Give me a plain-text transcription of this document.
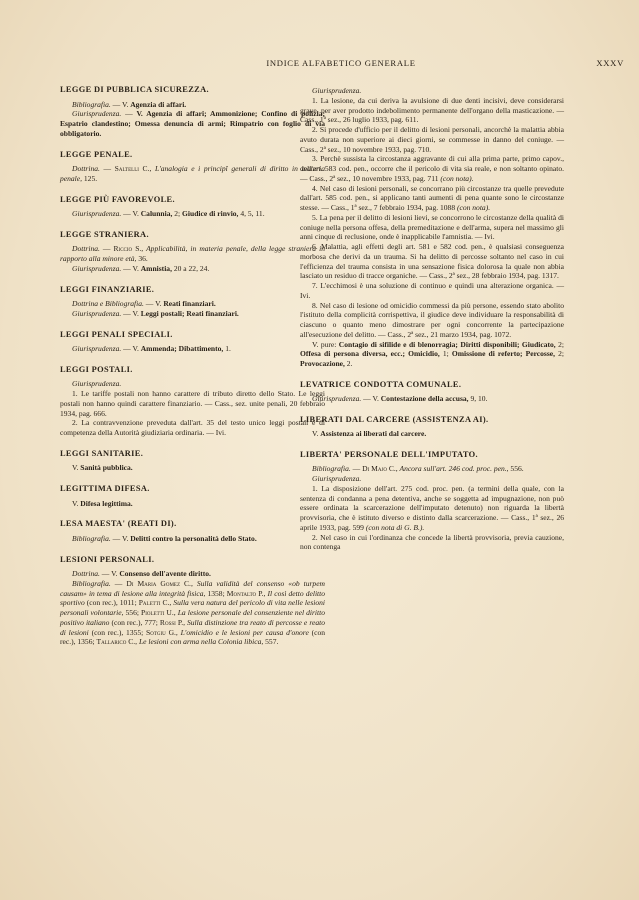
INDICE ALFABETICO GENERALE	XXXV
LEGGE DI PUBBLICA SICUREZZA.

Bibliografia. — V. Agenzia di affari.

Giurisprudenza. — V. Agenzia di affari; Ammonizione; Confino di polizia; Espatrio clandestino; Omessa denuncia di armi; Rimpatrio con foglio di via obbligatorio.

LEGGE PENALE.

Dottrina. — Saltelli C., L'analogia e i principî generali di diritto in materia penale, 125.

LEGGE PIÙ FAVOREVOLE.

Giurisprudenza. — V. Calunnia, 2; Giudice di rinvio, 4, 5, 11.

LEGGE STRANIERA.

Dottrina. — Riccio S., Applicabilità, in materia penale, della legge straniera in rapporto alla minore età, 36.

Giurisprudenza. — V. Amnistia, 20 a 22, 24.

LEGGI FINANZIARIE.

Dottrina e Bibliografia. — V. Reati finanziari.

Giurisprudenza. — V. Leggi postali; Reati finanziari.

LEGGI PENALI SPECIALI.

Giurisprudenza. — V. Ammenda; Dibattimento, 1.

LEGGI POSTALI.

Giurisprudenza.

1. Le tariffe postali non hanno carattere di tributo diretto dello Stato. Le leggi postali non hanno quindi carattere finanziario. — Cass., sez. unite penali, 20 febbraio 1934, pag. 666.

2. La contravvenzione preveduta dall'art. 35 del testo unico leggi postali è di competenza della Autorità giudiziaria ordinaria. — Ivi.

LEGGI SANITARIE.

V. Sanità pubblica.

LEGITTIMA DIFESA.

V. Difesa legittima.

LESA MAESTA' (REATI DI).

Bibliografia. — V. Delitti contro la personalità dello Stato.

LESIONI PERSONALI.

Dottrina. — V. Consenso dell'avente diritto.

Bibliografia. — Di Maria Gomez C., Sulla validità del consenso «ob turpem causam» in tema di lesione alla integrità fisica, 1358; Montalto P., Il così detto delitto sportivo (con rec.), 1011; Paletti C., Sulla vera natura del pericolo di vita nelle lesioni personali volontarie, 556; Pioletti U., La lesione personale del consenziente nel diritto positivo italiano (con rec.), 777; Rossi P., Sulla distinzione tra reato di percosse e reato di lesioni (con rec.), 1355; Sotgiu G., L'omicidio e le lesioni per causa d'onore (con rec.), 1356; Tallarico C., Le lesioni con arma nella Colonia libica, 557.

Giurisprudenza.

1. La lesione, da cui deriva la avulsione di due denti incisivi, deve considerarsi grave, per aver prodotto indebolimento permanente dell'organo della masticazione. — Cass., 1ª sez., 26 luglio 1933, pag. 611.

2. Si procede d'ufficio per il delitto di lesioni personali, ancorchè la malattia abbia avuto durata non superiore ai dieci giorni, se commesse in danno del coniuge. — Cass., 2ª sez., 10 novembre 1933, pag. 710.

3. Perchè sussista la circostanza aggravante di cui alla prima parte, primo capov., dell'art. 583 cod. pen., occorre che il pericolo di vita sia reale, e non soltanto opinato. — Cass., 2ª sez., 10 novembre 1933, pag. 711 (con nota).

4. Nel caso di lesioni personali, se concorrano più circostanze tra quelle prevedute dall'art. 585 cod. pen., si applicano tanti aumenti di pena quante sono le circostanze stesse. — Cass., 1ª sez., 7 febbraio 1934, pag. 1088 (con nota).

5. La pena per il delitto di lesioni lievi, se concorrono le circostanze della qualità di coniuge nella persona offesa, della premeditazione e dell'arma, supera nel massimo gli anni cinque di reclusione, onde è inapplicabile l'amnistia. — Ivi.

6. Malattia, agli effetti degli art. 581 e 582 cod. pen., è qualsiasi conseguenza morbosa che derivi da un trauma. Si ha delitto di percosse soltanto nel caso in cui l'efficienza del trauma consista in una sensazione fisica dolorosa la quale non abbia lasciato un residuo di tracce organiche. — Cass., 2ª sez., 28 febbraio 1934, pag. 1317.

7. L'ecchimosi è una soluzione di continuo e quindi una alterazione organica. — Ivi.

8. Nel caso di lesione od omicidio commessi da più persone, essendo stato abolito l'istituto della complicità corrispettiva, il giudice deve individuare la responsabilità di ciascuno o quanto meno dimostrare per ogni concorrente la partecipazione all'esecuzione del delitto. — Cass., 2ª sez., 21 marzo 1934, pag. 1072.

V. pure: Contagio di sifilide e di blenorragia; Diritti disponibili; Giudicato, 2; Offesa di persona diversa, ecc.; Omicidio, 1; Omissione di referto; Percosse, 2; Provocazione, 2.

LEVATRICE CONDOTTA COMUNALE.

Giurisprudenza. — V. Contestazione della accusa, 9, 10.

LIBERATI DAL CARCERE (ASSISTENZA AI).

V. Assistenza ai liberati dal carcere.

LIBERTA' PERSONALE DELL'IMPUTATO.

Bibliografia. — Di Majo C., Ancora sull'art. 246 cod. proc. pen., 556.

Giurisprudenza.

1. La disposizione dell'art. 275 cod. proc. pen. (a termini della quale, con la sentenza di condanna a pena detentiva, anche se soggetta ad impugnazione, non può essere ordinata la scarcerazione dell'imputato detenuto) non riguarda la libertà provvisoria, che è istituto diverso e distinto dalla scarcerazione. — Cass., 1ª sez., 26 aprile 1933, pag. 599 (con nota di G. B.).

2. Nel caso in cui l'ordinanza che concede la libertà provvisoria, previa cauzione, non contenga
